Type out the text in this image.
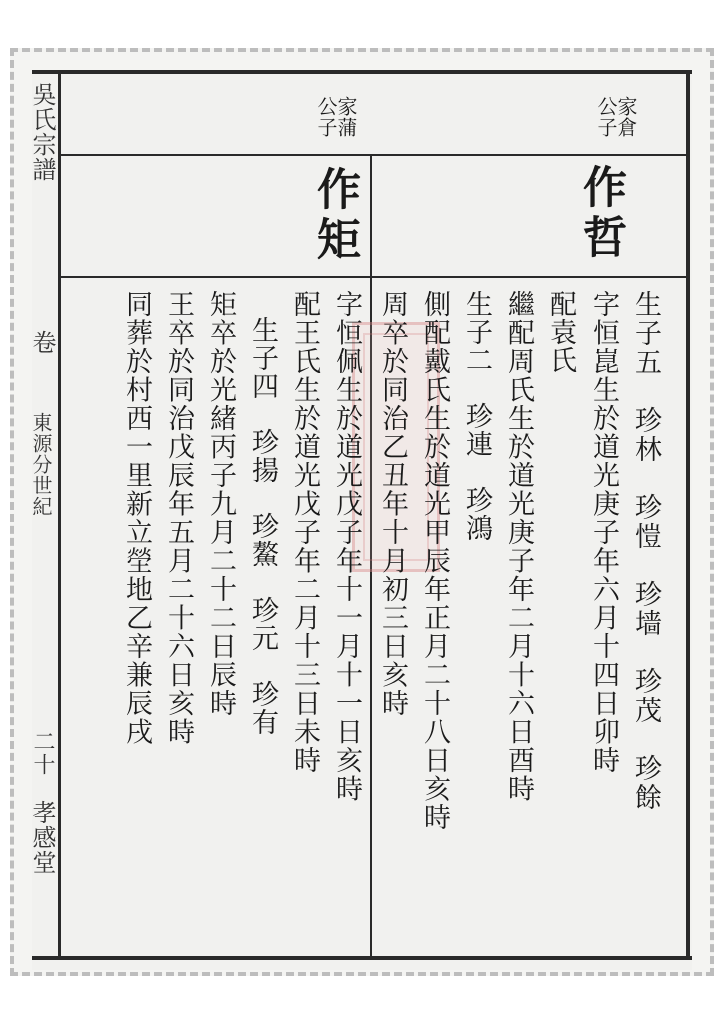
吳氏宗譜
卷
東源分世紀
二十
孝感堂
家蒲公子	家倉公子
作矩	作哲
生子五　珍林　珍愷　珍墙　珍茂　珍餘
字恒崑生於道光庚子年六月十四日卯時
配袁氏
繼配周氏生於道光庚子年二月十六日酉時
生子二　珍連　珍鴻
側配戴氏生於道光甲辰年正月二十八日亥時
周卒於同治乙丑年十月初三日亥時
字恒佩生於道光戊子年十一月十一日亥時
配王氏生於道光戊子年二月十三日未時
生子四　珍揚　珍鰲　珍元　珍有
矩卒於光緒丙子九月二十二日辰時
王卒於同治戊辰年五月二十六日亥時
同葬於村西一里新立塋地乙辛兼辰戌
